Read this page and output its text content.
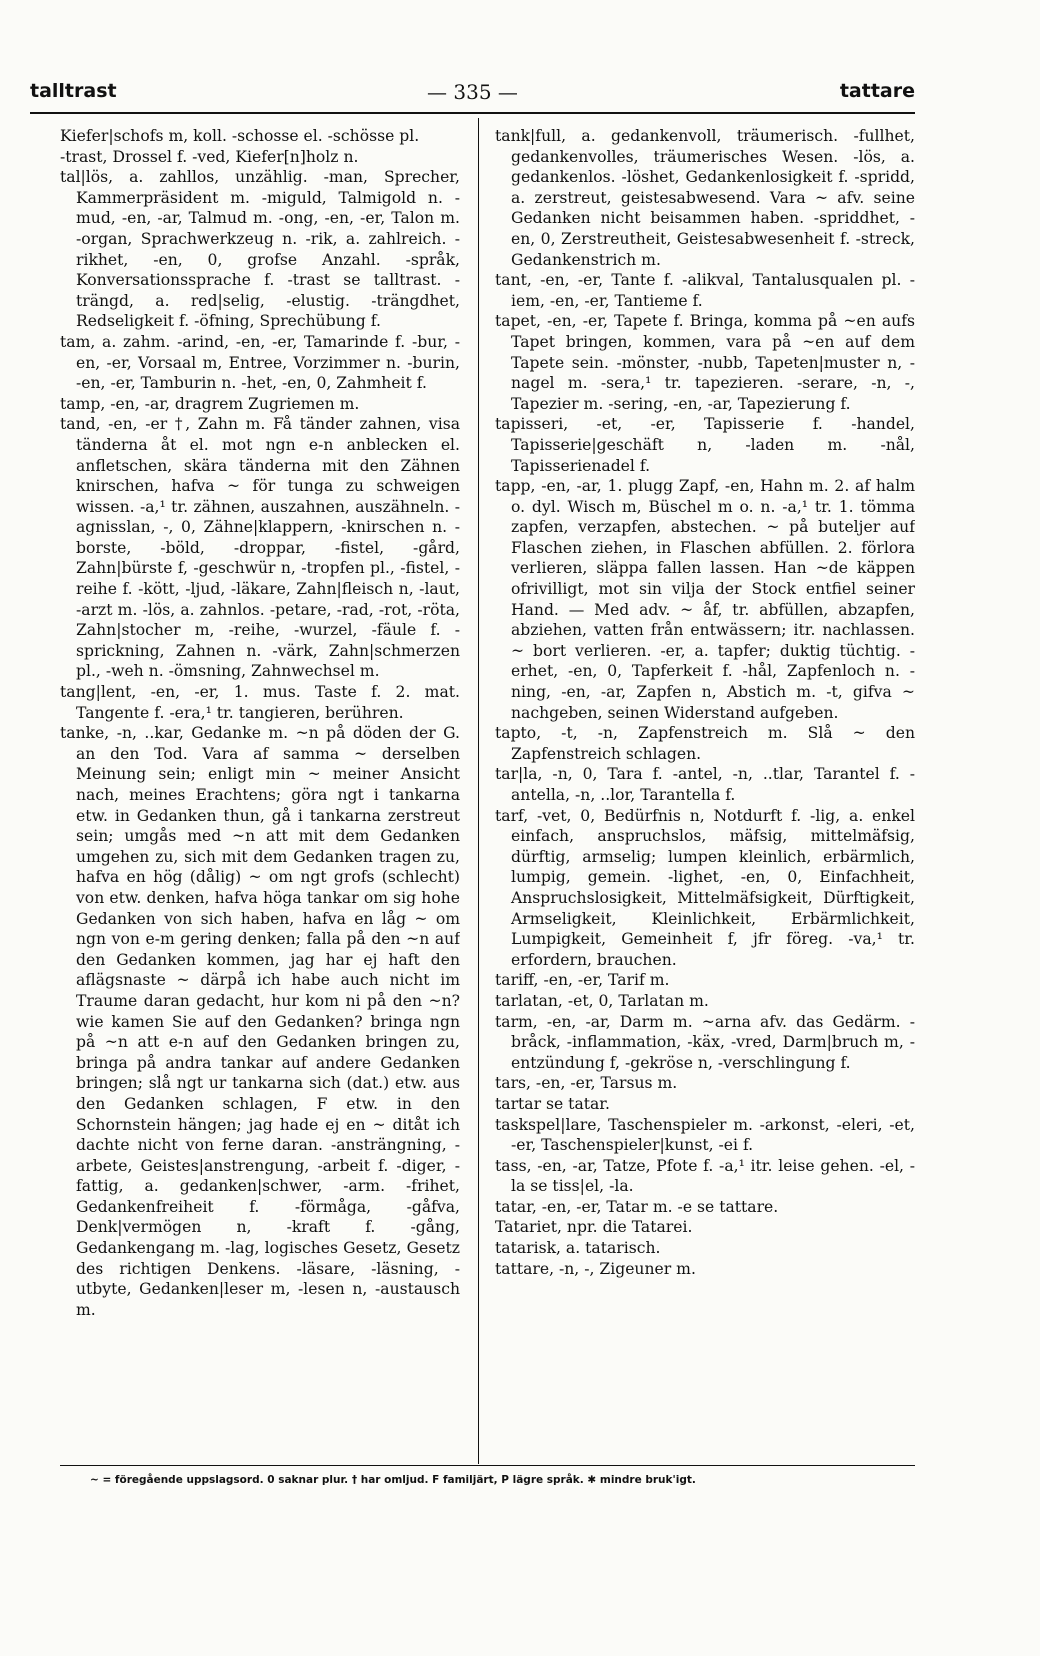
talltrast	— 335 —	tattare

Kiefer|schofs m, koll. -schosse el. -schösse pl.

-trast, Drossel f. -ved, Kiefer[n]holz n.

tal|lös, a. zahllos, unzählig. -man, Sprecher, Kammerpräsident m. -miguld, Talmigold n. -mud, -en, -ar, Talmud m. -ong, -en, -er, Talon m. -organ, Sprachwerkzeug n. -rik, a. zahlreich. -rikhet, -en, 0, grofse Anzahl. -språk, Konversationssprache f. -trast se talltrast. -trängd, a. red|selig, -elustig. -trängdhet, Redseligkeit f. -öfning, Sprechübung f.

tam, a. zahm. -arind, -en, -er, Tamarinde f. -bur, -en, -er, Vorsaal m, Entree, Vorzimmer n. -burin, -en, -er, Tamburin n. -het, -en, 0, Zahmheit f.

tamp, -en, -ar, dragrem Zugriemen m.

tand, -en, -er †, Zahn m. Få tänder zahnen, visa tänderna åt el. mot ngn e-n anblecken el. anfletschen, skära tänderna mit den Zähnen knirschen, hafva ~ för tunga zu schweigen wissen. -a,¹ tr. zähnen, auszahnen, auszähneln. -agnisslan, -, 0, Zähne|klappern, -knirschen n. -borste, -böld, -droppar, -fistel, -gård, Zahn|bürste f, -geschwür n, -tropfen pl., -fistel, -reihe f. -kött, -ljud, -läkare, Zahn|fleisch n, -laut, -arzt m. -lös, a. zahnlos. -petare, -rad, -rot, -röta, Zahn|stocher m, -reihe, -wurzel, -fäule f. -sprickning, Zahnen n. -värk, Zahn|schmerzen pl., -weh n. -ömsning, Zahnwechsel m.

tang|lent, -en, -er, 1. mus. Taste f. 2. mat. Tangente f. -era,¹ tr. tangieren, berühren.

tanke, -n, ..kar, Gedanke m. ~n på döden der G. an den Tod. Vara af samma ~ derselben Meinung sein; enligt min ~ meiner Ansicht nach, meines Erachtens; göra ngt i tankarna etw. in Gedanken thun, gå i tankarna zerstreut sein; umgås med ~n att mit dem Gedanken umgehen zu, sich mit dem Gedanken tragen zu, hafva en hög (dålig) ~ om ngt grofs (schlecht) von etw. denken, hafva höga tankar om sig hohe Gedanken von sich haben, hafva en låg ~ om ngn von e-m gering denken; falla på den ~n auf den Gedanken kommen, jag har ej haft den aflägsnaste ~ därpå ich habe auch nicht im Traume daran gedacht, hur kom ni på den ~n? wie kamen Sie auf den Gedanken? bringa ngn på ~n att e-n auf den Gedanken bringen zu, bringa på andra tankar auf andere Gedanken bringen; slå ngt ur tankarna sich (dat.) etw. aus den Gedanken schlagen, F etw. in den Schornstein hängen; jag hade ej en ~ ditåt ich dachte nicht von ferne daran. -ansträngning, -arbete, Geistes|anstrengung, -arbeit f. -diger, -fattig, a. gedanken|schwer, -arm. -frihet, Gedankenfreiheit f. -förmåga, -gåfva, Denk|vermögen n, -kraft f. -gång, Gedankengang m. -lag, logisches Gesetz, Gesetz des richtigen Denkens. -läsare, -läsning, -utbyte, Gedanken|leser m, -lesen n, -austausch m.

tank|full, a. gedankenvoll, träumerisch. -fullhet, gedankenvolles, träumerisches Wesen. -lös, a. gedankenlos. -löshet, Gedankenlosigkeit f. -spridd, a. zerstreut, geistesabwesend. Vara ~ afv. seine Gedanken nicht beisammen haben. -spriddhet, -en, 0, Zerstreutheit, Geistesabwesenheit f. -streck, Gedankenstrich m.

tant, -en, -er, Tante f. -alikval, Tantalusqualen pl. -iem, -en, -er, Tantieme f.

tapet, -en, -er, Tapete f. Bringa, komma på ~en aufs Tapet bringen, kommen, vara på ~en auf dem Tapete sein. -mönster, -nubb, Tapeten|muster n, -nagel m. -sera,¹ tr. tapezieren. -serare, -n, -, Tapezier m. -sering, -en, -ar, Tapezierung f.

tapisseri, -et, -er, Tapisserie f. -handel, Tapisserie|geschäft n, -laden m. -nål, Tapisserienadel f.

tapp, -en, -ar, 1. plugg Zapf, -en, Hahn m. 2. af halm o. dyl. Wisch m, Büschel m o. n. -a,¹ tr. 1. tömma zapfen, verzapfen, abstechen. ~ på buteljer auf Flaschen ziehen, in Flaschen abfüllen. 2. förlora verlieren, släppa fallen lassen. Han ~de käppen ofrivilligt, mot sin vilja der Stock entfiel seiner Hand. — Med adv. ~ åf, tr. abfüllen, abzapfen, abziehen, vatten från entwässern; itr. nachlassen. ~ bort verlieren. -er, a. tapfer; duktig tüchtig. -erhet, -en, 0, Tapferkeit f. -hål, Zapfenloch n. -ning, -en, -ar, Zapfen n, Abstich m. -t, gifva ~ nachgeben, seinen Widerstand aufgeben.

tapto, -t, -n, Zapfenstreich m. Slå ~ den Zapfenstreich schlagen.

tar|la, -n, 0, Tara f. -antel, -n, ..tlar, Tarantel f. -antella, -n, ..lor, Tarantella f.

tarf, -vet, 0, Bedürfnis n, Notdurft f. -lig, a. enkel einfach, anspruchslos, mäfsig, mittelmäfsig, dürftig, armselig; lumpen kleinlich, erbärmlich, lumpig, gemein. -lighet, -en, 0, Einfachheit, Anspruchslosigkeit, Mittelmäfsigkeit, Dürftigkeit, Armseligkeit, Kleinlichkeit, Erbärmlichkeit, Lumpigkeit, Gemeinheit f, jfr föreg. -va,¹ tr. erfordern, brauchen.

tariff, -en, -er, Tarif m.

tarlatan, -et, 0, Tarlatan m.

tarm, -en, -ar, Darm m. ~arna afv. das Gedärm. -bråck, -inflammation, -käx, -vred, Darm|bruch m, -entzündung f, -gekröse n, -verschlingung f.

tars, -en, -er, Tarsus m.

tartar se tatar.

taskspel|lare, Taschenspieler m. -arkonst, -eleri, -et, -er, Taschenspieler|kunst, -ei f.

tass, -en, -ar, Tatze, Pfote f. -a,¹ itr. leise gehen. -el, -la se tiss|el, -la.

tatar, -en, -er, Tatar m. -e se tattare.

Tatariet, npr. die Tatarei.

tatarisk, a. tatarisch.

tattare, -n, -, Zigeuner m.

~ = föregående uppslagsord. 0 saknar plur. † har omljud. F familjärt, P lägre språk. ✱ mindre bruk'igt.
